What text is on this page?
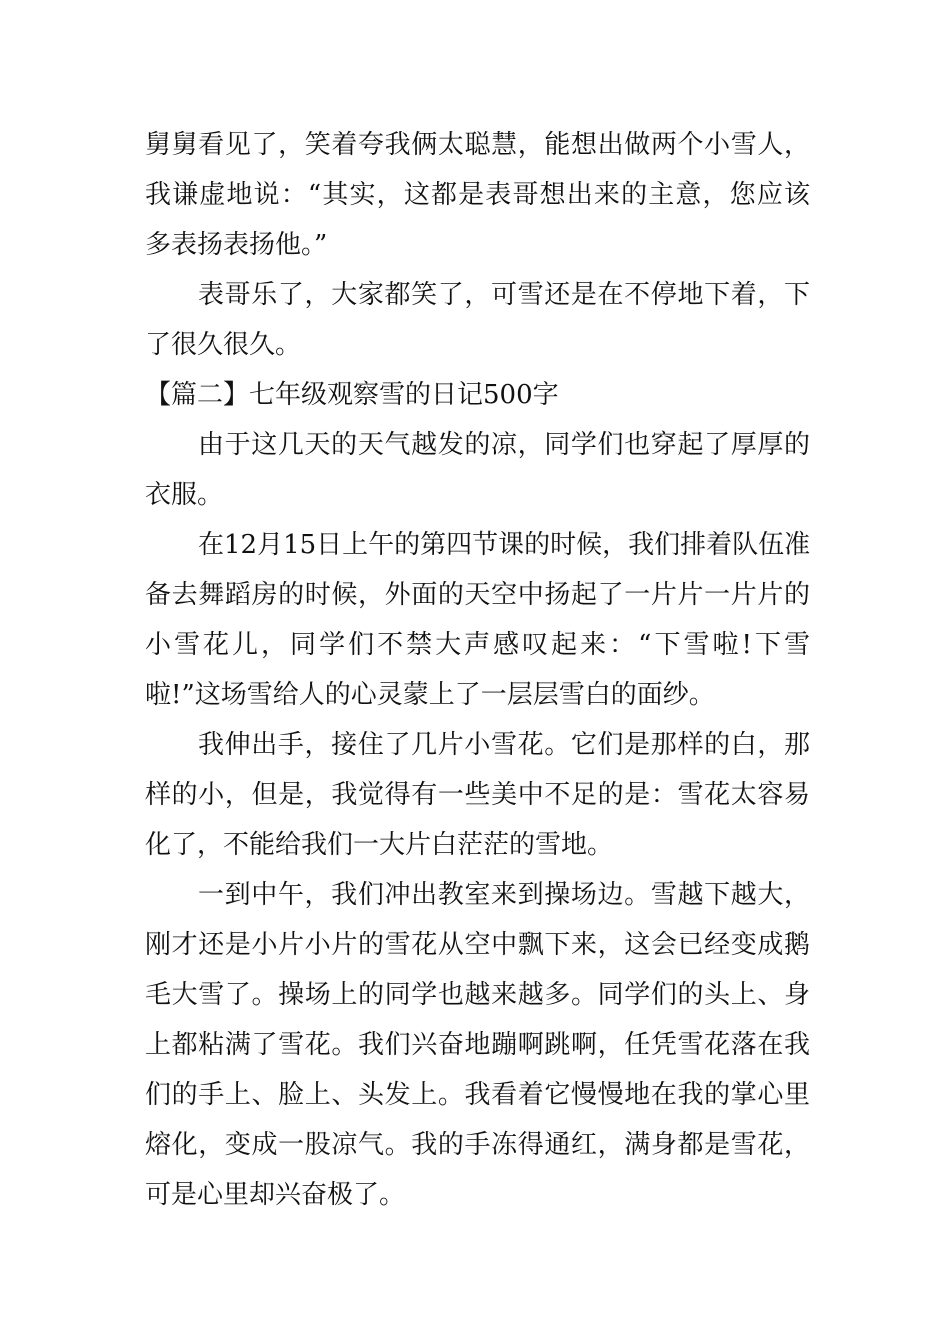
舅舅看见了，笑着夸我俩太聪慧，能想出做两个小雪人，
我谦虚地说：“其实，这都是表哥想出来的主意，您应该
多表扬表扬他。”
表哥乐了，大家都笑了，可雪还是在不停地下着，下
了很久很久。
【篇二】七年级观察雪的日记500字
由于这几天的天气越发的凉，同学们也穿起了厚厚的
衣服。
在12月15日上午的第四节课的时候，我们排着队伍准
备去舞蹈房的时候，外面的天空中扬起了一片片一片片的
小雪花儿，同学们不禁大声感叹起来：“下雪啦!下雪
啦!”这场雪给人的心灵蒙上了一层层雪白的面纱。
我伸出手，接住了几片小雪花。它们是那样的白，那
样的小，但是，我觉得有一些美中不足的是：雪花太容易
化了，不能给我们一大片白茫茫的雪地。
一到中午，我们冲出教室来到操场边。雪越下越大，
刚才还是小片小片的雪花从空中飘下来，这会已经变成鹅
毛大雪了。操场上的同学也越来越多。同学们的头上、身
上都粘满了雪花。我们兴奋地蹦啊跳啊，任凭雪花落在我
们的手上、脸上、头发上。我看着它慢慢地在我的掌心里
熔化，变成一股凉气。我的手冻得通红，满身都是雪花，
可是心里却兴奋极了。
